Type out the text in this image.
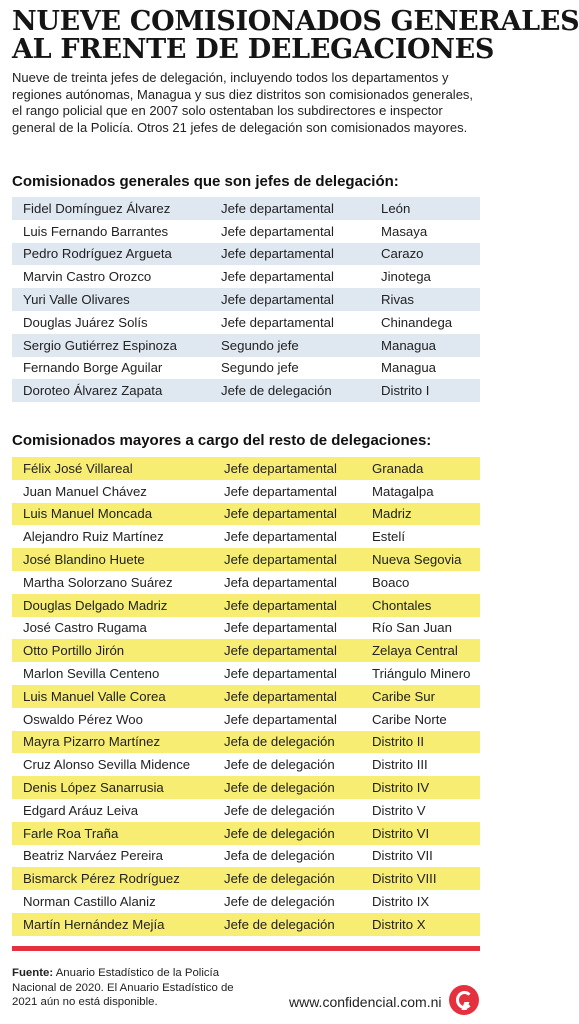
NUEVE COMISIONADOS GENERALES
AL FRENTE DE DELEGACIONES

Nueve de treinta jefes de delegación, incluyendo todos los departamentos y regiones autónomas, Managua y sus diez distritos son comisionados generales, el rango policial que en 2007 solo ostentaban los subdirectores e inspector general de la Policía. Otros 21 jefes de delegación son comisionados mayores.

Comisionados generales que son jefes de delegación:
Fidel Domínguez Álvarez	Jefe departamental	León
Luis Fernando Barrantes	Jefe departamental	Masaya
Pedro Rodríguez Argueta	Jefe departamental	Carazo
Marvin Castro Orozco	Jefe departamental	Jinotega
Yuri Valle Olivares	Jefe departamental	Rivas
Douglas Juárez Solís	Jefe departamental	Chinandega
Sergio Gutiérrez Espinoza	Segundo jefe	Managua
Fernando Borge Aguilar	Segundo jefe	Managua
Doroteo Álvarez Zapata	Jefe de delegación	Distrito I
Comisionados mayores a cargo del resto de delegaciones:
Félix José Villareal	Jefe departamental	Granada
Juan Manuel Chávez	Jefe departamental	Matagalpa
Luis Manuel Moncada	Jefe departamental	Madriz
Alejandro Ruiz Martínez	Jefe departamental	Estelí
José Blandino Huete	Jefe departamental	Nueva Segovia
Martha Solorzano Suárez	Jefa departamental	Boaco
Douglas Delgado Madriz	Jefe departamental	Chontales
José Castro Rugama	Jefe departamental	Río San Juan
Otto Portillo Jirón	Jefe departamental	Zelaya Central
Marlon Sevilla Centeno	Jefe departamental	Triángulo Minero
Luis Manuel Valle Corea	Jefe departamental	Caribe Sur
Oswaldo Pérez Woo	Jefe departamental	Caribe Norte
Mayra Pizarro Martínez	Jefa de delegación	Distrito II
Cruz Alonso Sevilla Midence	Jefe de delegación	Distrito III
Denis López Sanarrusia	Jefe de delegación	Distrito IV
Edgard Aráuz Leiva	Jefe de delegación	Distrito V
Farle Roa Traña	Jefe de delegación	Distrito VI
Beatriz Narváez Pereira	Jefa de delegación	Distrito VII
Bismarck Pérez Rodríguez	Jefe de delegación	Distrito VIII
Norman Castillo Alaniz	Jefe de delegación	Distrito IX
Martín Hernández Mejía	Jefe de delegación	Distrito X

Fuente: Anuario Estadístico de la Policía Nacional de 2020. El Anuario Estadístico de 2021 aún no está disponible.	www.confidencial.com.ni
